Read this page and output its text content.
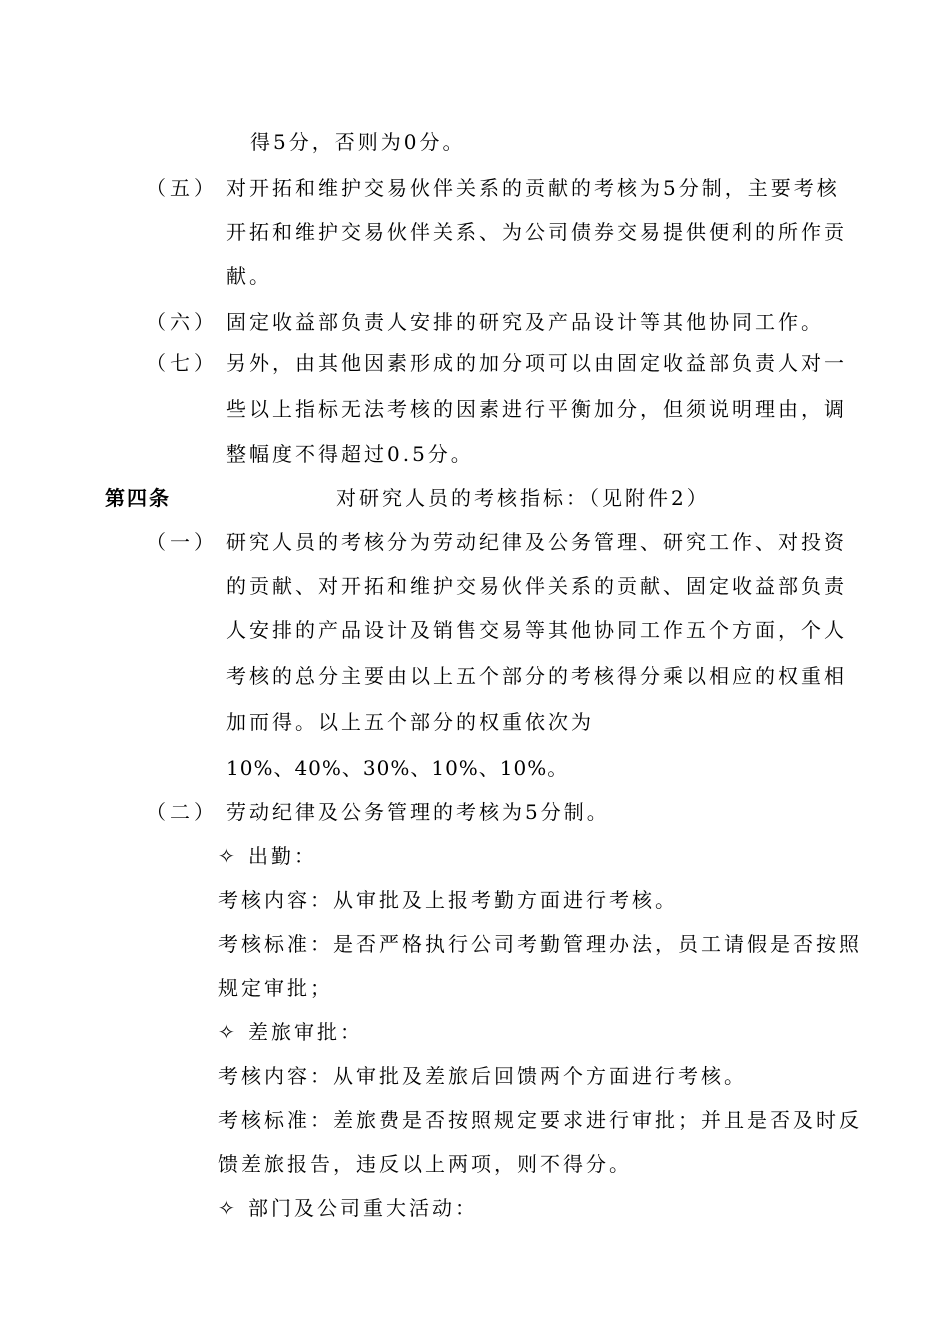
得5分，否则为0分。
（五） 对开拓和维护交易伙伴关系的贡献的考核为5分制，主要考核
开拓和维护交易伙伴关系、为公司债券交易提供便利的所作贡
献。
（六） 固定收益部负责人安排的研究及产品设计等其他协同工作。
（七） 另外，由其他因素形成的加分项可以由固定收益部负责人对一
些以上指标无法考核的因素进行平衡加分，但须说明理由，调
整幅度不得超过0.5分。
第四条	对研究人员的考核指标：（见附件2）
（一） 研究人员的考核分为劳动纪律及公务管理、研究工作、对投资
的贡献、对开拓和维护交易伙伴关系的贡献、固定收益部负责
人安排的产品设计及销售交易等其他协同工作五个方面，个人
考核的总分主要由以上五个部分的考核得分乘以相应的权重相
加而得。以上五个部分的权重依次为
10%、40%、30%、10%、10%。
（二） 劳动纪律及公务管理的考核为5分制。
✧ 出勤：
考核内容：从审批及上报考勤方面进行考核。
考核标准：是否严格执行公司考勤管理办法，员工请假是否按照
规定审批；
✧ 差旅审批：
考核内容：从审批及差旅后回馈两个方面进行考核。
考核标准：差旅费是否按照规定要求进行审批；并且是否及时反
馈差旅报告，违反以上两项，则不得分。
✧ 部门及公司重大活动：
